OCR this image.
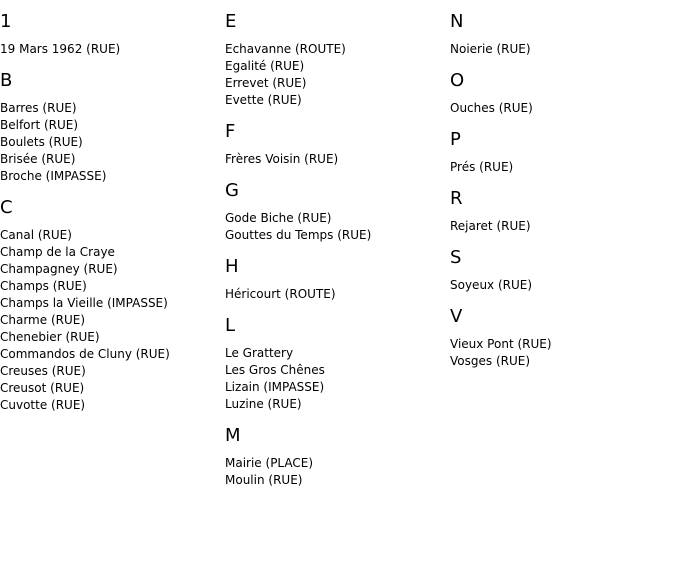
1
19 Mars 1962 (RUE)
B
Barres (RUE)
Belfort (RUE)
Boulets (RUE)
Brisée (RUE)
Broche (IMPASSE)
C
Canal (RUE)
Champ de la Craye
Champagney (RUE)
Champs (RUE)
Champs la Vieille (IMPASSE)
Charme (RUE)
Chenebier (RUE)
Commandos de Cluny (RUE)
Creuses (RUE)
Creusot (RUE)
Cuvotte (RUE)
E
Echavanne (ROUTE)
Egalité (RUE)
Errevet (RUE)
Evette (RUE)
F
Frères Voisin (RUE)
G
Gode Biche (RUE)
Gouttes du Temps (RUE)
H
Héricourt (ROUTE)
L
Le Grattery
Les Gros Chênes
Lizain (IMPASSE)
Luzine (RUE)
M
Mairie (PLACE)
Moulin (RUE)
N
Noierie (RUE)
O
Ouches (RUE)
P
Prés (RUE)
R
Rejaret (RUE)
S
Soyeux (RUE)
V
Vieux Pont (RUE)
Vosges (RUE)
